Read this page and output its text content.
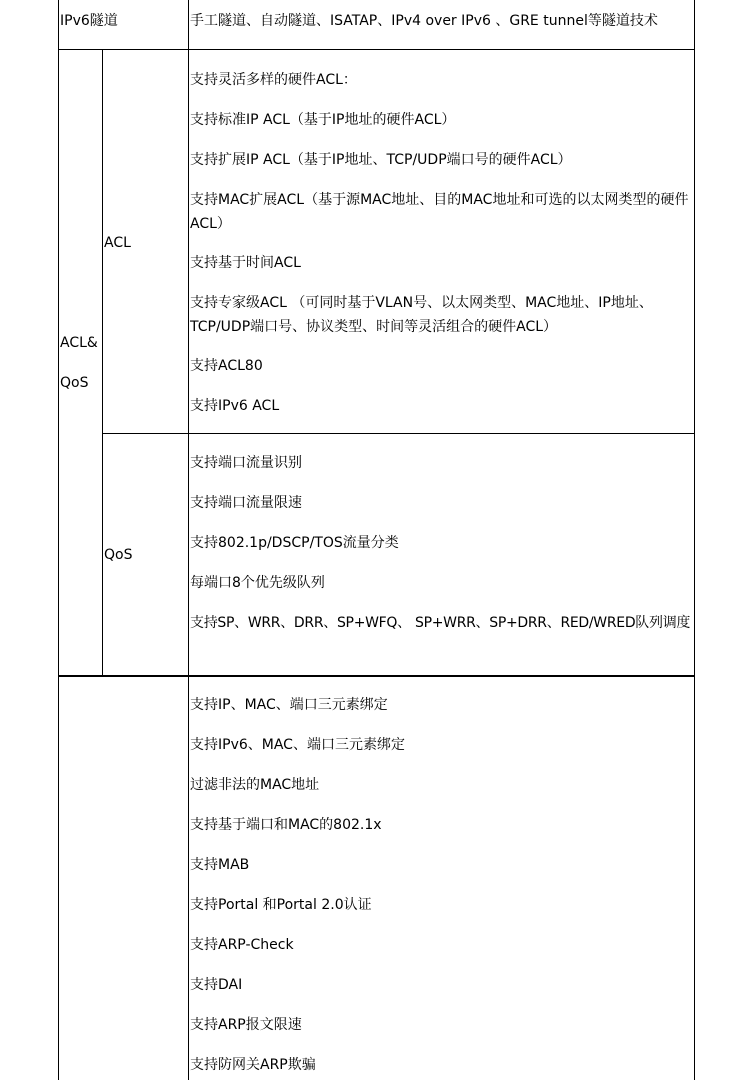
IPv6隧道	手工隧道、自动隧道、ISATAP、IPv4 over IPv6 、GRE tunnel等隧道技术
ACL&
QoS
ACL
支持灵活多样的硬件ACL：
支持标准IP ACL（基于IP地址的硬件ACL）
支持扩展IP ACL（基于IP地址、TCP/UDP端口号的硬件ACL）
支持MAC扩展ACL（基于源MAC地址、目的MAC地址和可选的以太网类型的硬件ACL）
支持基于时间ACL
支持专家级ACL （可同时基于VLAN号、以太网类型、MAC地址、IP地址、TCP/UDP端口号、协议类型、时间等灵活组合的硬件ACL）
支持ACL80
支持IPv6 ACL
QoS
支持端口流量识别
支持端口流量限速
支持802.1p/DSCP/TOS流量分类
每端口8个优先级队列
支持SP、WRR、DRR、SP+WFQ、 SP+WRR、SP+DRR、RED/WRED队列调度
支持IP、MAC、端口三元素绑定
支持IPv6、MAC、端口三元素绑定
过滤非法的MAC地址
支持基于端口和MAC的802.1x
支持MAB
支持Portal 和Portal 2.0认证
支持ARP-Check
支持DAI
支持ARP报文限速
支持防网关ARP欺骗
